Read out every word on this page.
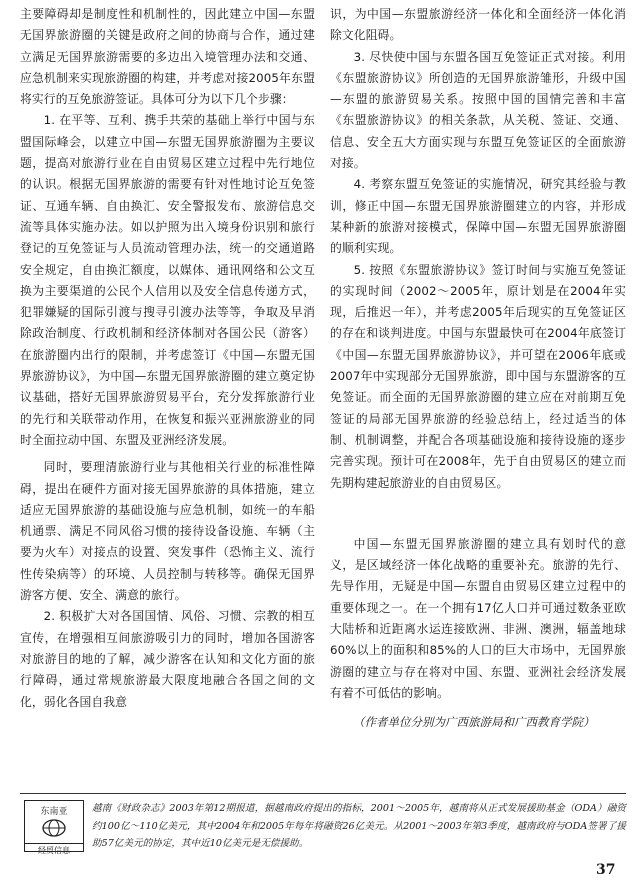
主要障碍却是制度性和机制性的，因此建立中国—东盟无国界旅游圈的关键是政府之间的协商与合作，通过建立满足无国界旅游需要的多边出入境管理办法和交通、应急机制来实现旅游圈的构建，并考虑对接2005年东盟将实行的互免旅游签证。具体可分为以下几个步骤：

1. 在平等、互利、携手共荣的基础上举行中国与东盟国际峰会，以建立中国—东盟无国界旅游圈为主要议题，提高对旅游行业在自由贸易区建立过程中先行地位的认识。根据无国界旅游的需要有针对性地讨论互免签证、互通车辆、自由换汇、安全警报发布、旅游信息交流等具体实施办法。如以护照为出入境身份识别和旅行登记的互免签证与人员流动管理办法，统一的交通道路安全规定，自由换汇额度，以媒体、通讯网络和公文互换为主要渠道的公民个人信用以及安全信息传递方式，犯罪嫌疑的国际引渡与搜寻引渡办法等等，争取及早消除政治制度、行政机制和经济体制对各国公民（游客）在旅游圈内出行的限制，并考虑签订《中国—东盟无国界旅游协议》，为中国—东盟无国界旅游圈的建立奠定协议基础，搭好无国界旅游贸易平台，充分发挥旅游行业的先行和关联带动作用，在恢复和振兴亚洲旅游业的同时全面拉动中国、东盟及亚洲经济发展。

同时，要理清旅游行业与其他相关行业的标准性障碍，提出在硬件方面对接无国界旅游的具体措施，建立适应无国界旅游的基础设施与应急机制，如统一的车船机通票、满足不同风俗习惯的接待设备设施、车辆（主要为火车）对接点的设置、突发事件（恐怖主义、流行性传染病等）的环境、人员控制与转移等。确保无国界游客方便、安全、满意的旅行。

2. 积极扩大对各国国情、风俗、习惯、宗教的相互宣传，在增强相互间旅游吸引力的同时，增加各国游客对旅游目的地的了解，减少游客在认知和文化方面的旅行障碍，通过常规旅游最大限度地融合各国之间的文化，弱化各国自我意

识，为中国—东盟旅游经济一体化和全面经济一体化消除文化阻碍。

3. 尽快使中国与东盟各国互免签证正式对接。利用《东盟旅游协议》所创造的无国界旅游雏形，升级中国—东盟的旅游贸易关系。按照中国的国情完善和丰富《东盟旅游协议》的相关条款，从关税、签证、交通、信息、安全五大方面实现与东盟互免签证区的全面旅游对接。

4. 考察东盟互免签证的实施情况，研究其经验与教训，修正中国—东盟无国界旅游圈建立的内容，并形成某种新的旅游对接模式，保障中国—东盟无国界旅游圈的顺利实现。

5. 按照《东盟旅游协议》签订时间与实施互免签证的实现时间（2002～2005年，原计划是在2004年实现，后推迟一年），并考虑2005年后现实的互免签证区的存在和谈判进度。中国与东盟最快可在2004年底签订《中国—东盟无国界旅游协议》，并可望在2006年底或2007年中实现部分无国界旅游，即中国与东盟游客的互免签证。而全面的无国界旅游圈的建立应在对前期互免签证的局部无国界旅游的经验总结上，经过适当的体制、机制调整，并配合各项基础设施和接待设施的逐步完善实现。预计可在2008年，先于自由贸易区的建立而先期构建起旅游业的自由贸易区。

中国—东盟无国界旅游圈的建立具有划时代的意义，是区域经济一体化战略的重要补充。旅游的先行、先导作用，无疑是中国—东盟自由贸易区建立过程中的重要体现之一。在一个拥有17亿人口并可通过数条亚欧大陆桥和近距离水运连接欧洲、非洲、澳洲，辐盖地球60%以上的面积和85%的人口的巨大市场中，无国界旅游圈的建立与存在将对中国、东盟、亚洲社会经济发展有着不可低估的影响。

（作者单位分别为广西旅游局和广西教育学院）

东南亚
经贸信息
越南《财政杂志》2003年第12期报道，据越南政府提出的指标，2001～2005年，越南将从正式发展援助基金（ODA）融资约100亿～110亿美元，其中2004年和2005年每年将融资26亿美元。从2001～2003年第3季度，越南政府与ODA签署了援助57亿美元的协定，其中近10亿美元是无偿援助。
37
